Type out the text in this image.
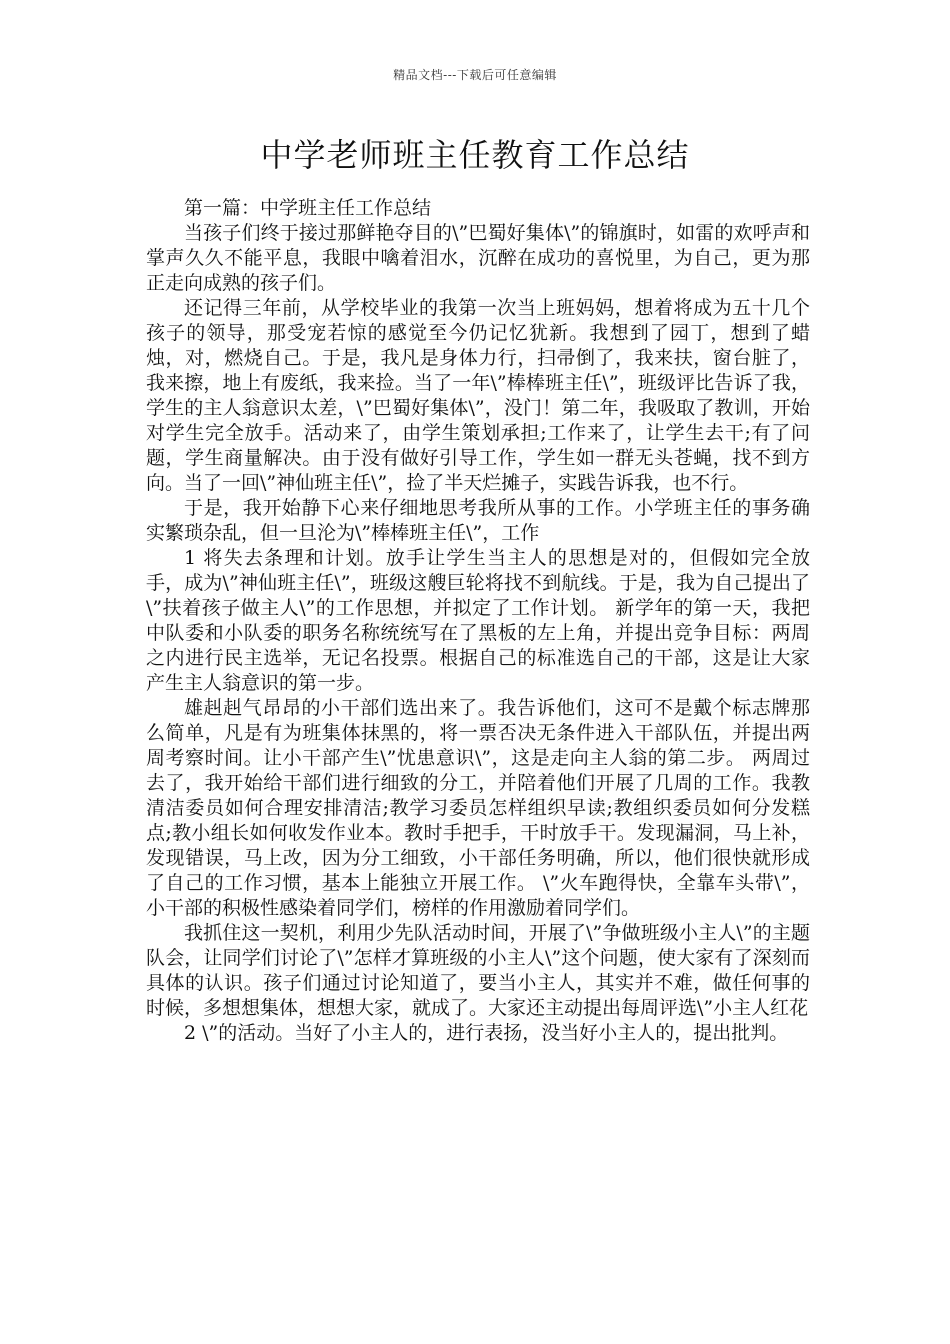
精品文档---下载后可任意编辑
中学老师班主任教育工作总结

第一篇：中学班主任工作总结

当孩子们终于接过那鲜艳夺目的\”巴蜀好集体\”的锦旗时，如雷的欢呼声和掌声久久不能平息，我眼中噙着泪水，沉醉在成功的喜悦里，为自己，更为那正走向成熟的孩子们。

还记得三年前，从学校毕业的我第一次当上班妈妈，想着将成为五十几个孩子的领导，那受宠若惊的感觉至今仍记忆犹新。我想到了园丁，想到了蜡烛，对，燃烧自己。于是，我凡是身体力行，扫帚倒了，我来扶，窗台脏了，我来擦，地上有废纸，我来捡。当了一年\”棒棒班主任\”，班级评比告诉了我，学生的主人翁意识太差，\”巴蜀好集体\”，没门！第二年，我吸取了教训，开始对学生完全放手。活动来了，由学生策划承担;工作来了，让学生去干;有了问题，学生商量解决。由于没有做好引导工作，学生如一群无头苍蝇，找不到方向。当了一回\”神仙班主任\”，捡了半天烂摊子，实践告诉我，也不行。

于是，我开始静下心来仔细地思考我所从事的工作。小学班主任的事务确实繁琐杂乱，但一旦沦为\”棒棒班主任\”，工作

1 将失去条理和计划。放手让学生当主人的思想是对的，但假如完全放手，成为\”神仙班主任\”，班级这艘巨轮将找不到航线。于是，我为自己提出了\”扶着孩子做主人\”的工作思想，并拟定了工作计划。 新学年的第一天，我把中队委和小队委的职务名称统统写在了黑板的左上角，并提出竞争目标：两周之内进行民主选举，无记名投票。根据自己的标准选自己的干部，这是让大家产生主人翁意识的第一步。

雄赳赳气昂昂的小干部们选出来了。我告诉他们，这可不是戴个标志牌那么简单，凡是有为班集体抹黑的，将一票否决无条件进入干部队伍，并提出两周考察时间。让小干部产生\”忧患意识\”，这是走向主人翁的第二步。 两周过去了，我开始给干部们进行细致的分工，并陪着他们开展了几周的工作。我教清洁委员如何合理安排清洁;教学习委员怎样组织早读;教组织委员如何分发糕点;教小组长如何收发作业本。教时手把手，干时放手干。发现漏洞，马上补，发现错误，马上改，因为分工细致，小干部任务明确，所以，他们很快就形成了自己的工作习惯，基本上能独立开展工作。 \”火车跑得快，全靠车头带\”，小干部的积极性感染着同学们，榜样的作用激励着同学们。

我抓住这一契机，利用少先队活动时间，开展了\”争做班级小主人\”的主题队会，让同学们讨论了\”怎样才算班级的小主人\”这个问题，使大家有了深刻而具体的认识。孩子们通过讨论知道了，要当小主人，其实并不难，做任何事的时候，多想想集体，想想大家，就成了。大家还主动提出每周评选\”小主人红花

2 \”的活动。当好了小主人的，进行表扬，没当好小主人的，提出批判。
